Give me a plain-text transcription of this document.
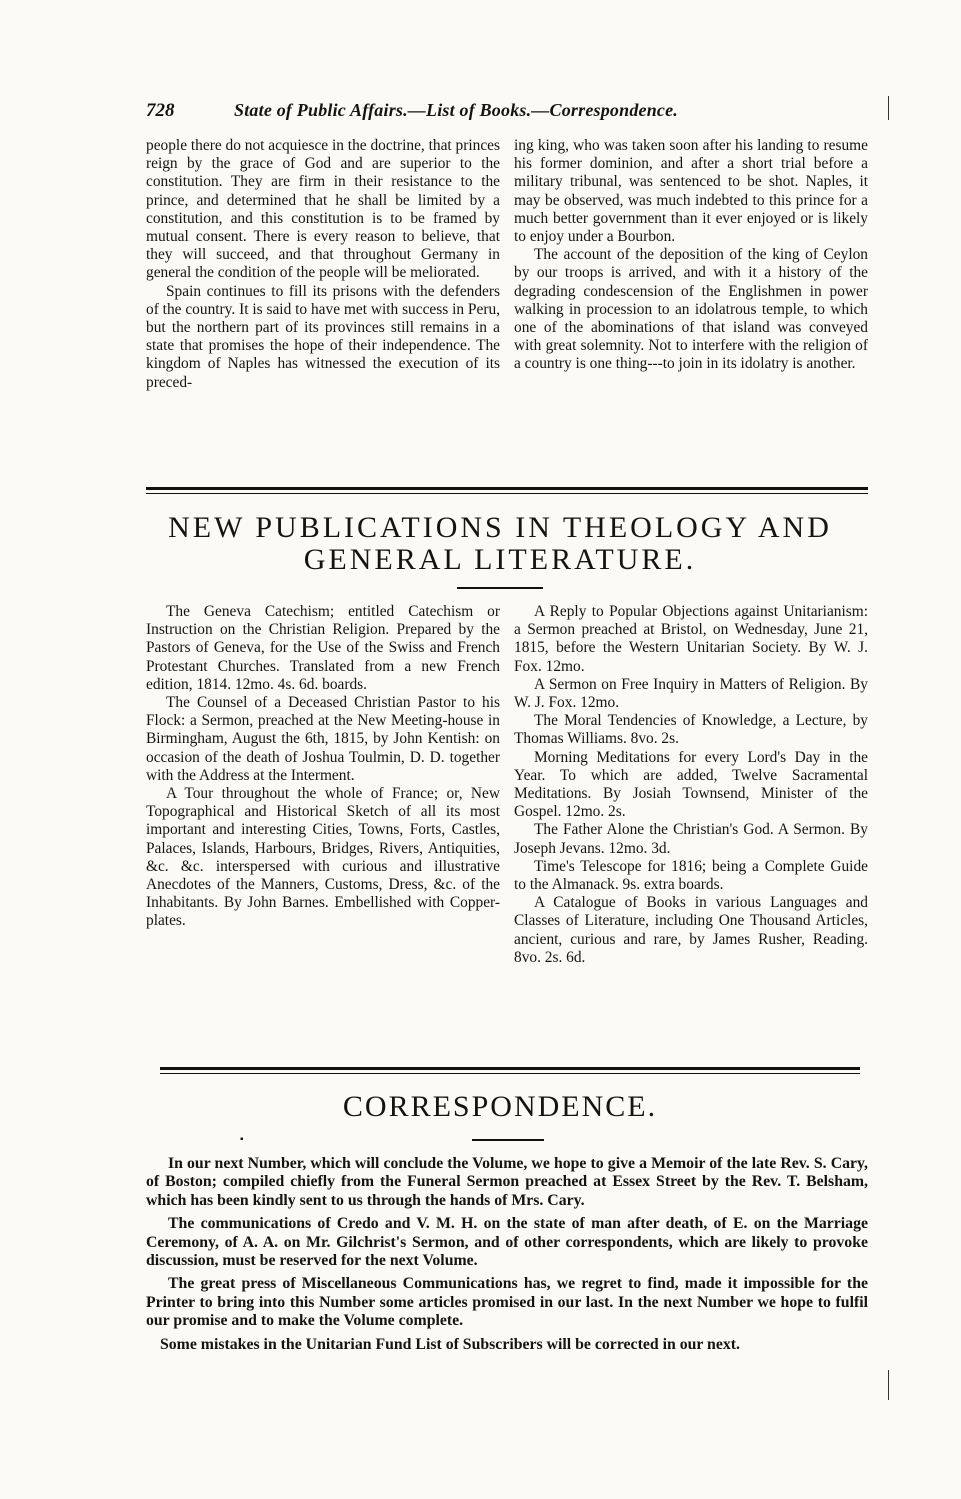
728	State of Public Affairs.—List of Books.—Correspondence.

people there do not acquiesce in the doctrine, that princes reign by the grace of God and are superior to the constitution. They are firm in their resistance to the prince, and determined that he shall be limited by a constitution, and this constitution is to be framed by mutual consent. There is every reason to believe, that they will succeed, and that throughout Germany in general the condition of the people will be meliorated.

Spain continues to fill its prisons with the defenders of the country. It is said to have met with success in Peru, but the northern part of its provinces still remains in a state that promises the hope of their independence. The kingdom of Naples has witnessed the execution of its preced-

ing king, who was taken soon after his landing to resume his former dominion, and after a short trial before a military tribunal, was sentenced to be shot. Naples, it may be observed, was much indebted to this prince for a much better government than it ever enjoyed or is likely to enjoy under a Bourbon.

The account of the deposition of the king of Ceylon by our troops is arrived, and with it a history of the degrading condescension of the Englishmen in power walking in procession to an idolatrous temple, to which one of the abominations of that island was conveyed with great solemnity. Not to interfere with the religion of a country is one thing---to join in its idolatry is another.

NEW PUBLICATIONS IN THEOLOGY AND
GENERAL LITERATURE.

The Geneva Catechism; entitled Catechism or Instruction on the Christian Religion. Prepared by the Pastors of Geneva, for the Use of the Swiss and French Protestant Churches. Translated from a new French edition, 1814. 12mo. 4s. 6d. boards.

The Counsel of a Deceased Christian Pastor to his Flock: a Sermon, preached at the New Meeting-house in Birmingham, August the 6th, 1815, by John Kentish: on occasion of the death of Joshua Toulmin, D. D. together with the Address at the Interment.

A Tour throughout the whole of France; or, New Topographical and Historical Sketch of all its most important and interesting Cities, Towns, Forts, Castles, Palaces, Islands, Harbours, Bridges, Rivers, Antiquities, &c. &c. interspersed with curious and illustrative Anecdotes of the Manners, Customs, Dress, &c. of the Inhabitants. By John Barnes. Embellished with Copper-plates.

A Reply to Popular Objections against Unitarianism: a Sermon preached at Bristol, on Wednesday, June 21, 1815, before the Western Unitarian Society. By W. J. Fox. 12mo.

A Sermon on Free Inquiry in Matters of Religion. By W. J. Fox. 12mo.

The Moral Tendencies of Knowledge, a Lecture, by Thomas Williams. 8vo. 2s.

Morning Meditations for every Lord's Day in the Year. To which are added, Twelve Sacramental Meditations. By Josiah Townsend, Minister of the Gospel. 12mo. 2s.

The Father Alone the Christian's God. A Sermon. By Joseph Jevans. 12mo. 3d.

Time's Telescope for 1816; being a Complete Guide to the Almanack. 9s. extra boards.

A Catalogue of Books in various Languages and Classes of Literature, including One Thousand Articles, ancient, curious and rare, by James Rusher, Reading. 8vo. 2s. 6d.

CORRESPONDENCE.
▪

In our next Number, which will conclude the Volume, we hope to give a Memoir of the late Rev. S. Cary, of Boston; compiled chiefly from the Funeral Sermon preached at Essex Street by the Rev. T. Belsham, which has been kindly sent to us through the hands of Mrs. Cary.

The communications of Credo and V. M. H. on the state of man after death, of E. on the Marriage Ceremony, of A. A. on Mr. Gilchrist's Sermon, and of other correspondents, which are likely to provoke discussion, must be reserved for the next Volume.

The great press of Miscellaneous Communications has, we regret to find, made it impossible for the Printer to bring into this Number some articles promised in our last. In the next Number we hope to fulfil our promise and to make the Volume complete.

Some mistakes in the Unitarian Fund List of Subscribers will be corrected in our next.
